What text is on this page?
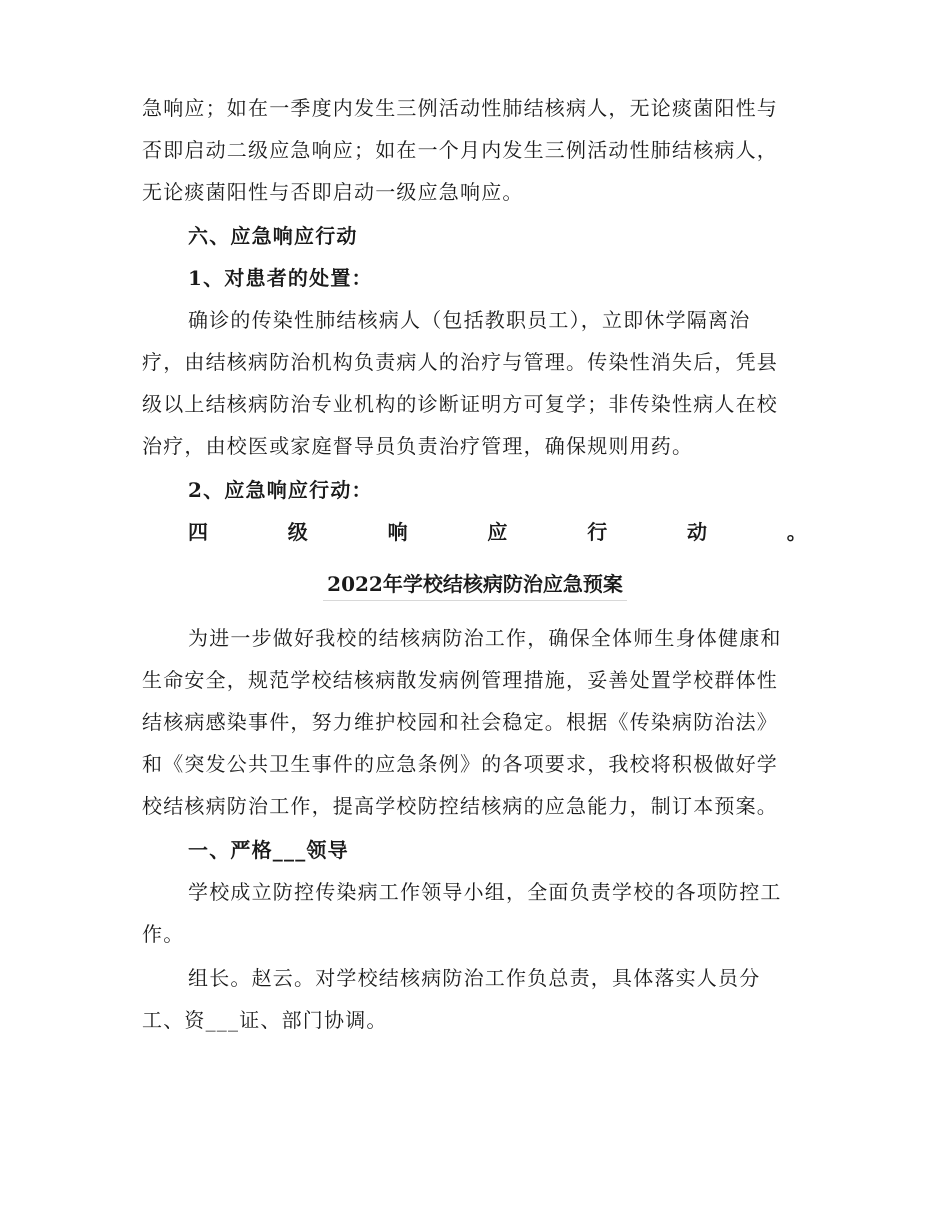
急响应；如在一季度内发生三例活动性肺结核病人，无论痰菌阳性与
否即启动二级应急响应；如在一个月内发生三例活动性肺结核病人，
无论痰菌阳性与否即启动一级应急响应。
六、应急响应行动
1、对患者的处置：
确诊的传染性肺结核病人（包括教职员工），立即休学隔离治
疗，由结核病防治机构负责病人的治疗与管理。传染性消失后，凭县
级以上结核病防治专业机构的诊断证明方可复学；非传染性病人在校
治疗，由校医或家庭督导员负责治疗管理，确保规则用药。
2、应急响应行动：
四	级	响	应	行	动	。
2022年学校结核病防治应急预案
为进一步做好我校的结核病防治工作，确保全体师生身体健康和
生命安全，规范学校结核病散发病例管理措施，妥善处置学校群体性
结核病感染事件，努力维护校园和社会稳定。根据《传染病防治法》
和《突发公共卫生事件的应急条例》的各项要求，我校将积极做好学
校结核病防治工作，提高学校防控结核病的应急能力，制订本预案。
一、严格___领导
学校成立防控传染病工作领导小组，全面负责学校的各项防控工
作。
组长。赵云。对学校结核病防治工作负总责，具体落实人员分
工、资___证、部门协调。
